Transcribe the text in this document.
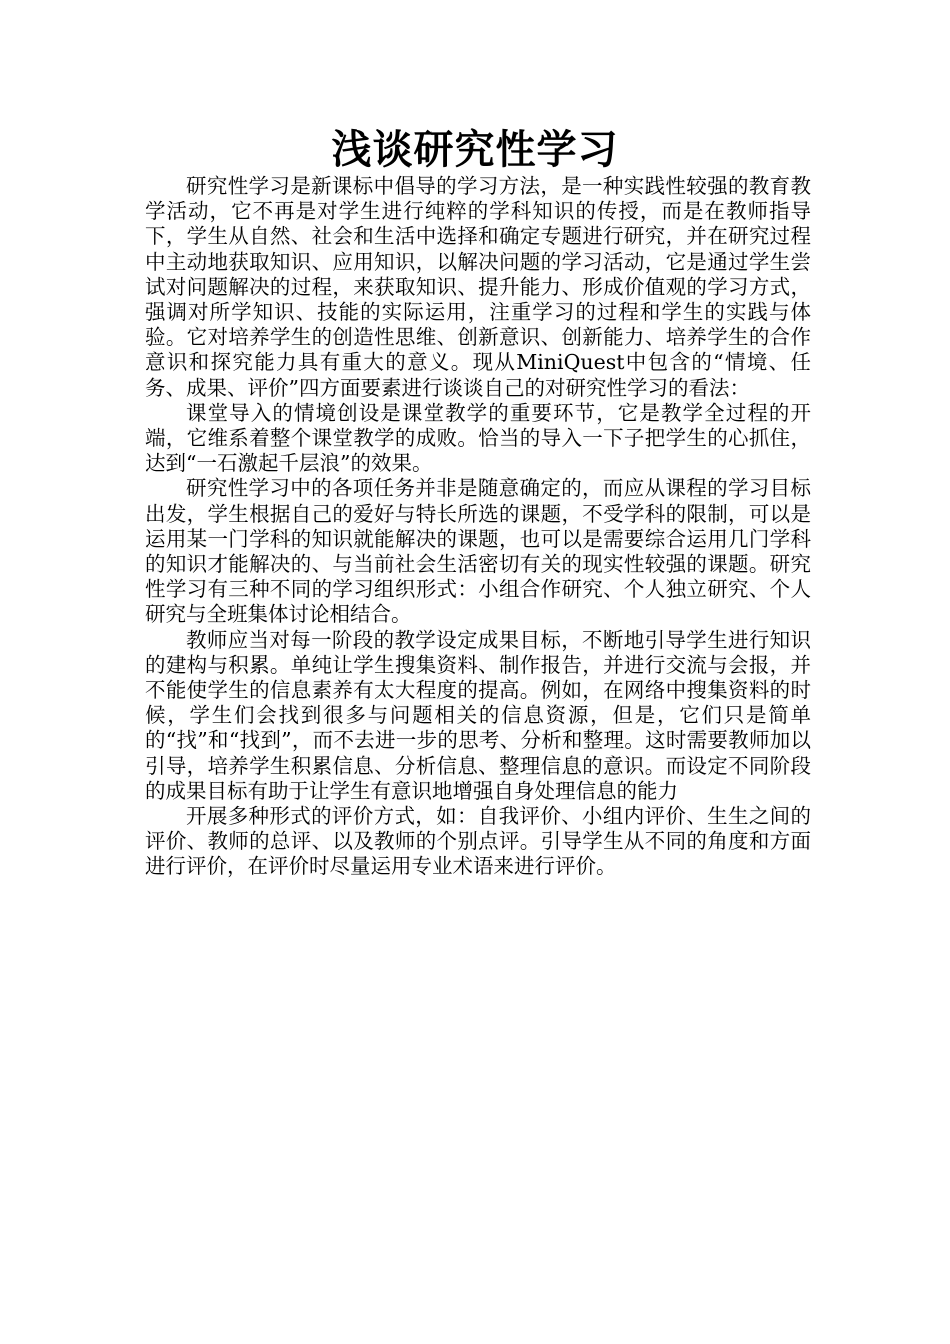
浅谈研究性学习

研究性学习是新课标中倡导的学习方法，是一种实践性较强的教育教学活动，它不再是对学生进行纯粹的学科知识的传授，而是在教师指导下，学生从自然、社会和生活中选择和确定专题进行研究，并在研究过程中主动地获取知识、应用知识，以解决问题的学习活动，它是通过学生尝试对问题解决的过程，来获取知识、提升能力、形成价值观的学习方式，强调对所学知识、技能的实际运用，注重学习的过程和学生的实践与体验。它对培养学生的创造性思维、创新意识、创新能力、培养学生的合作意识和探究能力具有重大的意义。现从MiniQuest中包含的“情境、任务、成果、评价”四方面要素进行谈谈自己的对研究性学习的看法：

课堂导入的情境创设是课堂教学的重要环节，它是教学全过程的开端，它维系着整个课堂教学的成败。恰当的导入一下子把学生的心抓住，达到“一石激起千层浪”的效果。

研究性学习中的各项任务并非是随意确定的，而应从课程的学习目标出发，学生根据自己的爱好与特长所选的课题，不受学科的限制，可以是运用某一门学科的知识就能解决的课题，也可以是需要综合运用几门学科的知识才能解决的、与当前社会生活密切有关的现实性较强的课题。研究性学习有三种不同的学习组织形式：小组合作研究、个人独立研究、个人研究与全班集体讨论相结合。

教师应当对每一阶段的教学设定成果目标，不断地引导学生进行知识的建构与积累。单纯让学生搜集资料、制作报告，并进行交流与会报，并不能使学生的信息素养有太大程度的提高。例如，在网络中搜集资料的时候，学生们会找到很多与问题相关的信息资源，但是，它们只是简单的“找”和“找到”，而不去进一步的思考、分析和整理。这时需要教师加以引导，培养学生积累信息、分析信息、整理信息的意识。而设定不同阶段的成果目标有助于让学生有意识地增强自身处理信息的能力

开展多种形式的评价方式，如：自我评价、小组内评价、生生之间的评价、教师的总评、以及教师的个别点评。引导学生从不同的角度和方面进行评价，在评价时尽量运用专业术语来进行评价。
